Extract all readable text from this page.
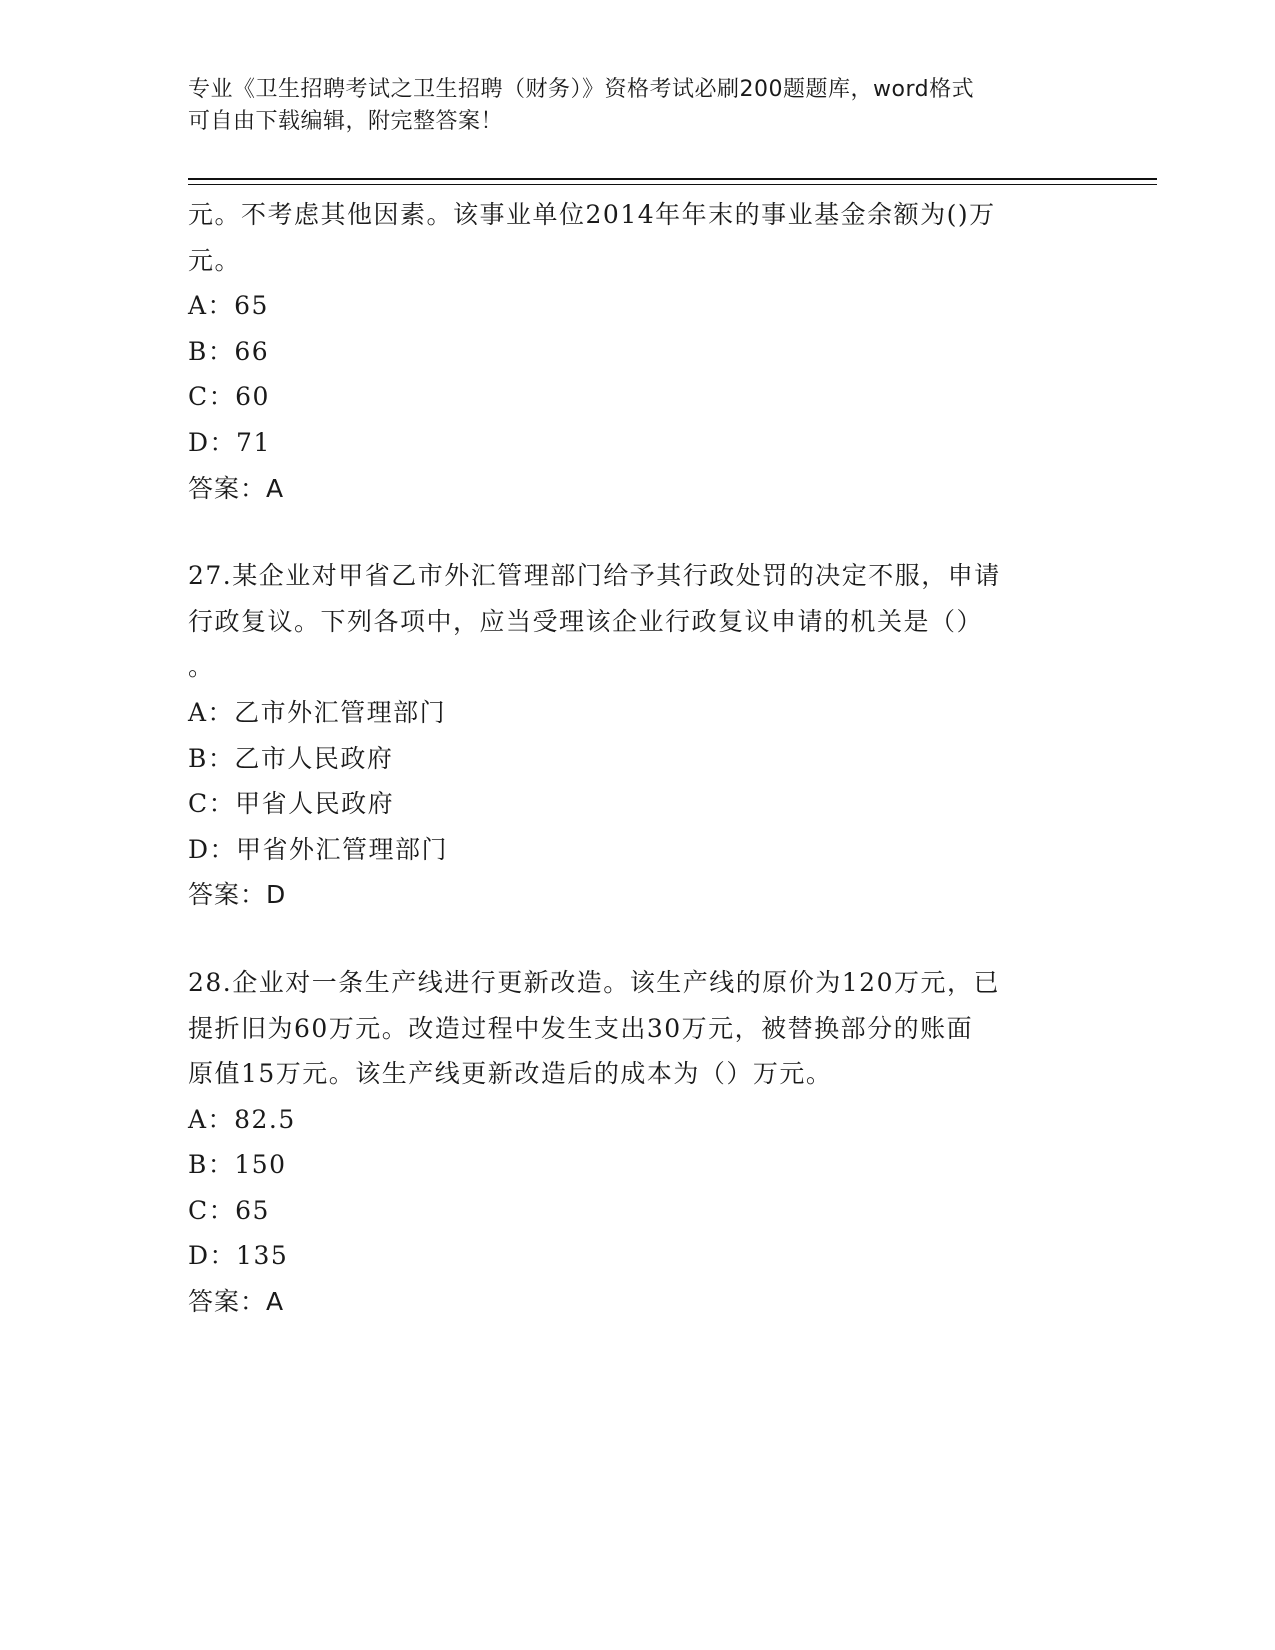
专业《卫生招聘考试之卫生招聘（财务）》资格考试必刷200题题库，word格式
可自由下载编辑，附完整答案！
元。不考虑其他因素。该事业单位2014年年末的事业基金余额为()万
元。
A：65
B：66
C：60
D：71
答案：A
27.某企业对甲省乙市外汇管理部门给予其行政处罚的决定不服，申请
行政复议。下列各项中，应当受理该企业行政复议申请的机关是（）
。
A：乙市外汇管理部门
B：乙市人民政府
C：甲省人民政府
D：甲省外汇管理部门
答案：D
28.企业对一条生产线进行更新改造。该生产线的原价为120万元，已
提折旧为60万元。改造过程中发生支出30万元，被替换部分的账面
原值15万元。该生产线更新改造后的成本为（）万元。
A：82.5
B：150
C：65
D：135
答案：A
